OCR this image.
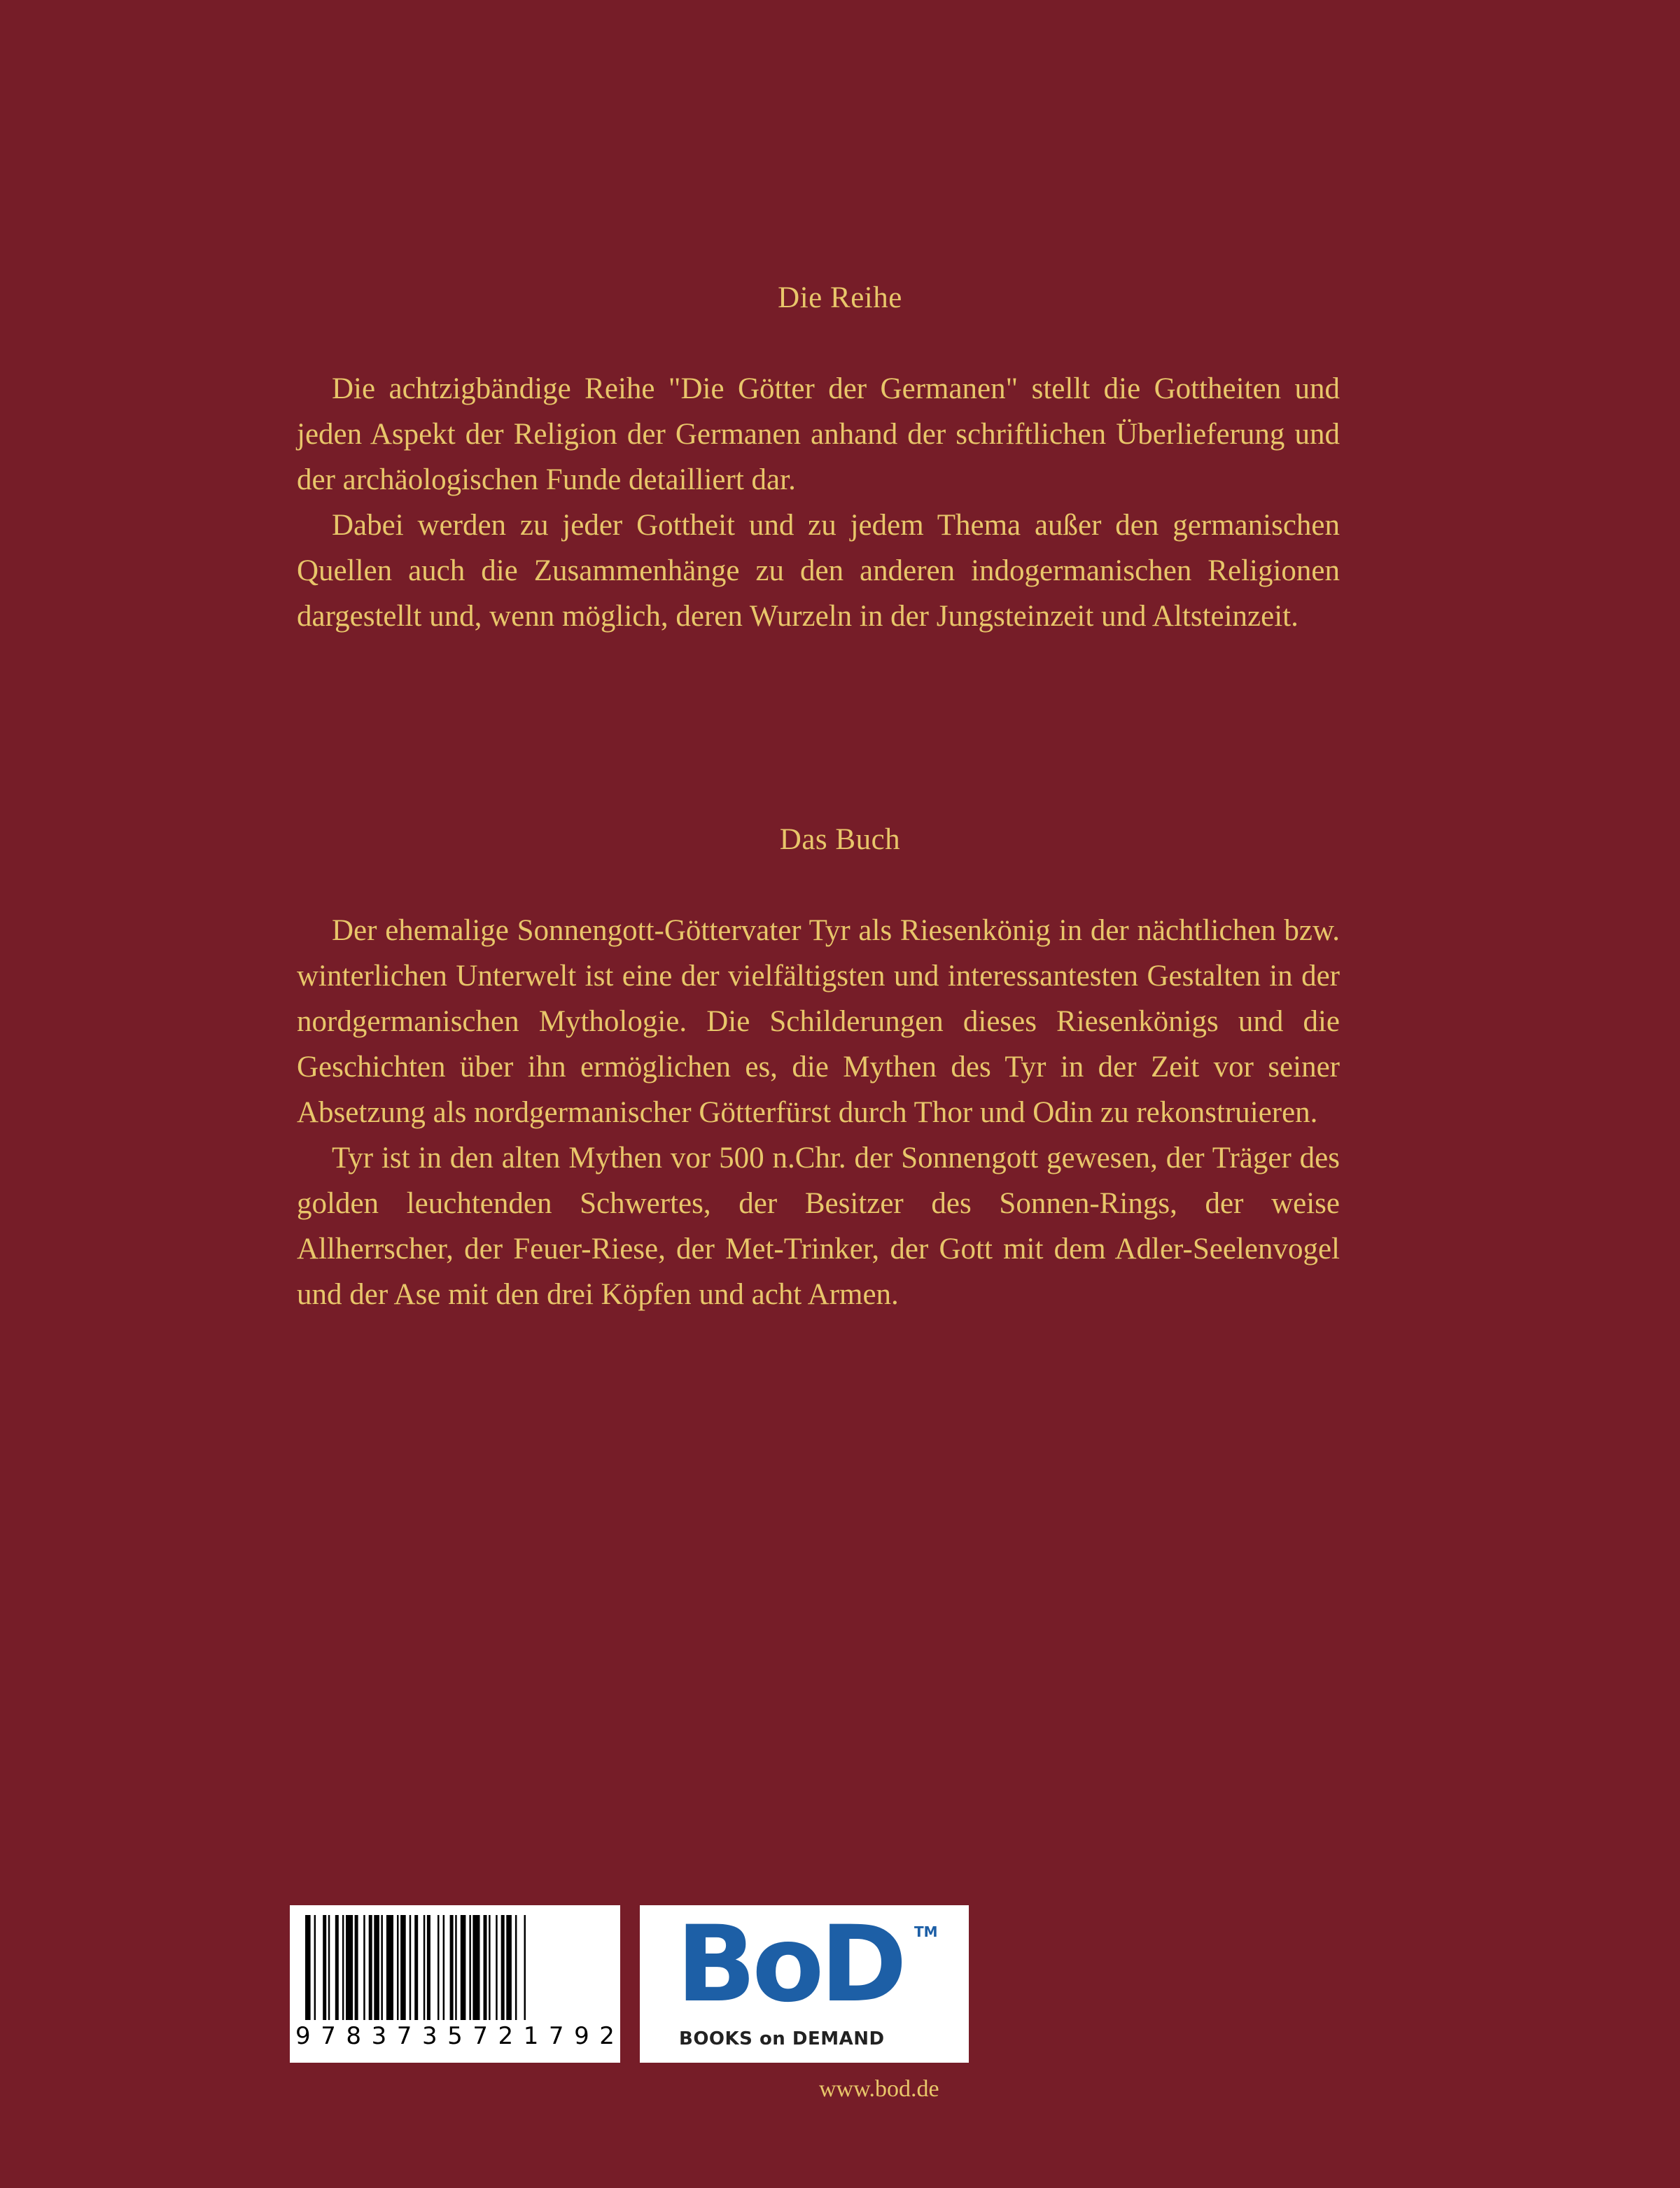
Die Reihe

Die achtzigbändige Reihe "Die Götter der Germanen" stellt die Gottheiten und jeden Aspekt der Religion der Germanen anhand der schriftlichen Überlieferung und der archäologischen Funde detailliert dar.

Dabei werden zu jeder Gottheit und zu jedem Thema außer den germanischen Quellen auch die Zusammenhänge zu den anderen indogermanischen Religionen dargestellt und, wenn möglich, deren Wurzeln in der Jungsteinzeit und Altsteinzeit.

Das Buch

Der ehemalige Sonnengott-Göttervater Tyr als Riesenkönig in der nächtlichen bzw. winterlichen Unterwelt ist eine der vielfältigsten und interessantesten Gestalten in der nordgermanischen Mythologie. Die Schilderungen dieses Riesenkönigs und die Geschichten über ihn ermöglichen es, die Mythen des Tyr in der Zeit vor seiner Absetzung als nordgermanischer Götterfürst durch Thor und Odin zu rekonstruieren.

Tyr ist in den alten Mythen vor 500 n.Chr. der Sonnengott gewesen, der Träger des golden leuchtenden Schwertes, der Besitzer des Sonnen-Rings, der weise Allherrscher, der Feuer-Riese, der Met-Trinker, der Gott mit dem Adler-Seelenvogel und der Ase mit den drei Köpfen und acht Armen.

9 7 8 3 7 3 5 7 2 1 7 9 2
BoD TM
BOOKS on DEMAND
www.bod.de
